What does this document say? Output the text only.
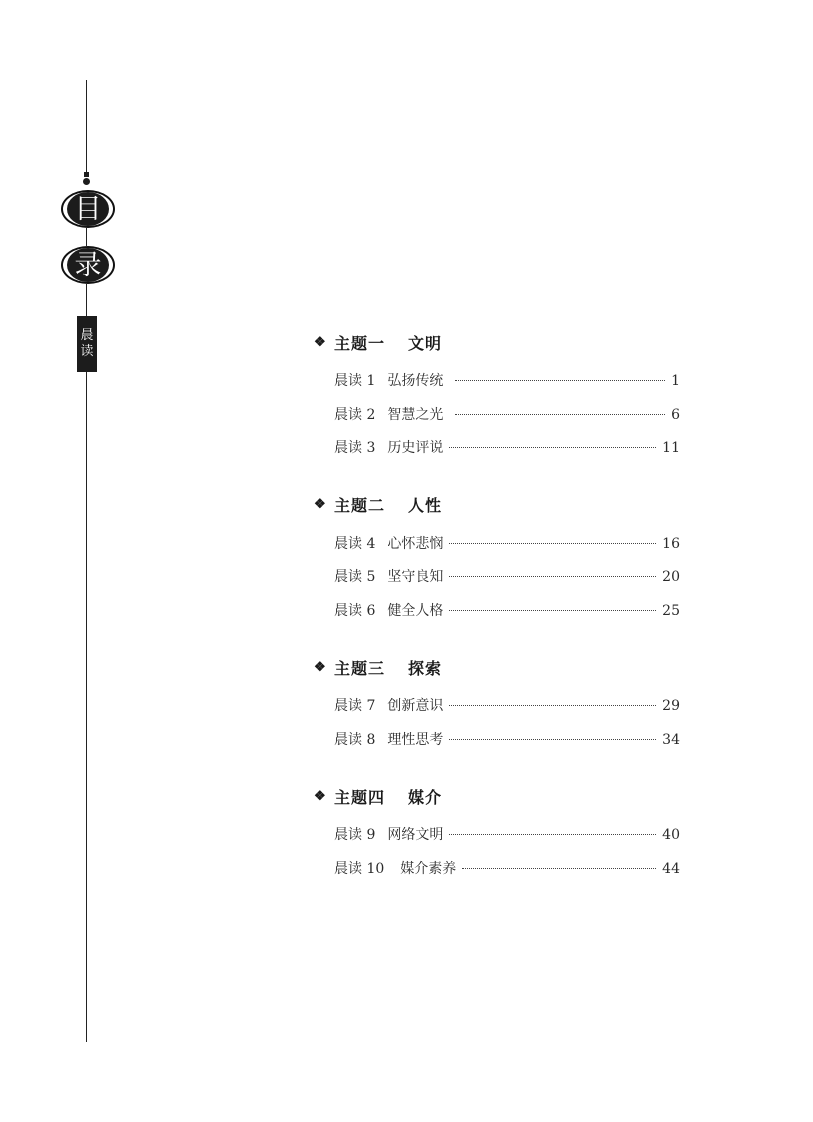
目
录
晨
读
❖ 主题一	文明
晨读 1 弘扬传统	1
晨读 2 智慧之光	6
晨读 3 历史评说	11
❖ 主题二	人性
晨读 4 心怀悲悯	16
晨读 5 坚守良知	20
晨读 6 健全人格	25
❖ 主题三	探索
晨读 7 创新意识	29
晨读 8 理性思考	34
❖ 主题四	媒介
晨读 9 网络文明	40
晨读 10 媒介素养	44
